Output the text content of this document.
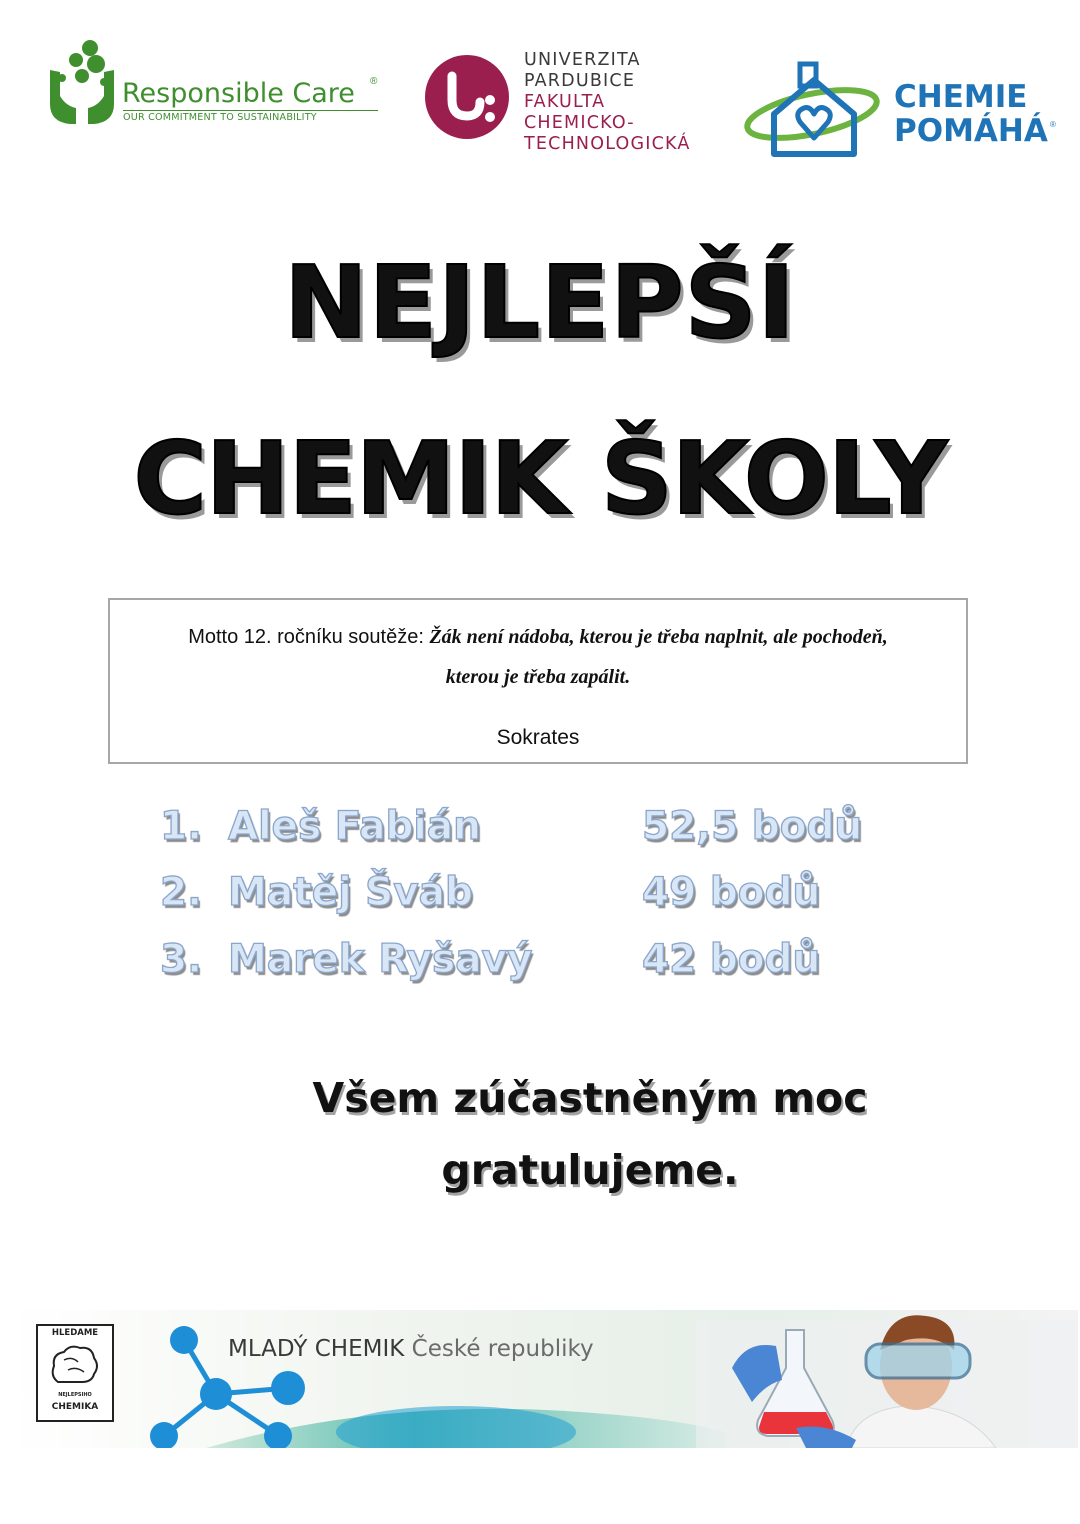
Responsible Care ®
OUR COMMITMENT TO SUSTAINABILITY
UNIVERZITA
PARDUBICE
FAKULTA
CHEMICKO-
TECHNOLOGICKÁ
CHEMIE
POMÁHÁ ®
NEJLEPŠÍ
CHEMIK ŠKOLY
Motto 12. ročníku soutěže: Žák není nádoba, kterou je třeba naplnit, ale pochodeň,
kterou je třeba zapálit.
Sokrates
1. Aleš Fabián	52,5 bodů
2. Matěj Šváb	49 bodů
3. Marek Ryšavý	42 bodů
Všem zúčastněným moc
gratulujeme.
HLEDAME
NEJLEPSIHO
CHEMIKA
MLADÝ CHEMIK České republiky
